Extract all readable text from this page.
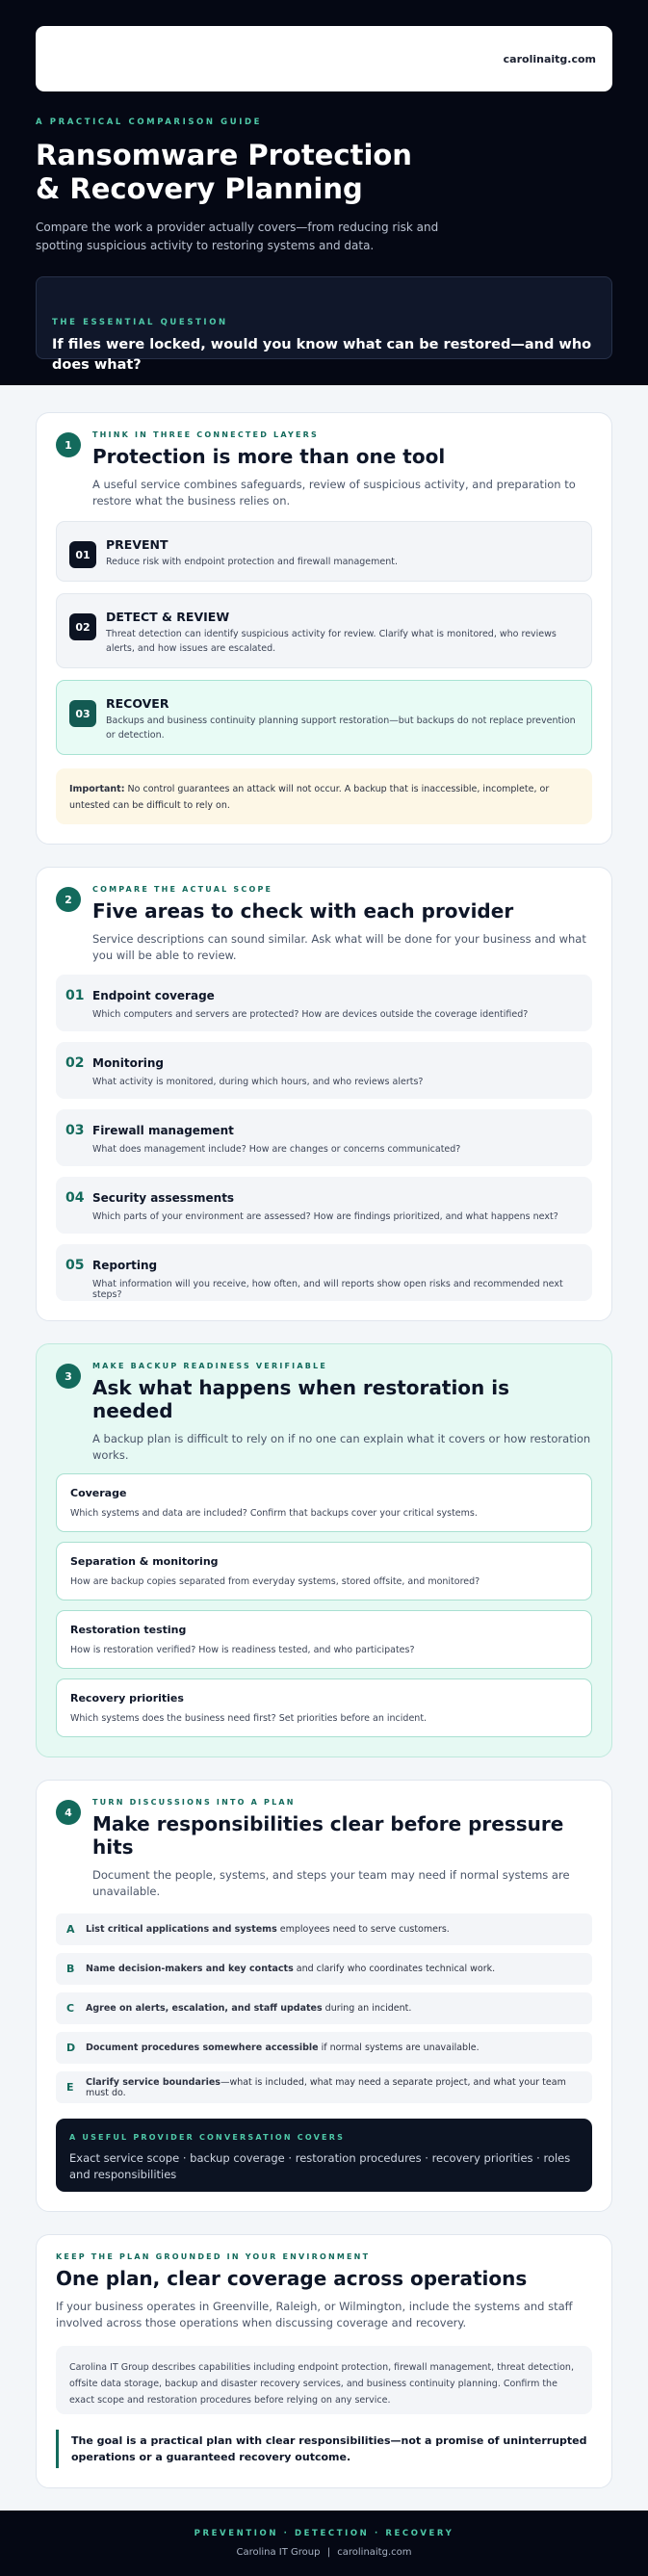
carolinaitg.com
A PRACTICAL COMPARISON GUIDE
Ransomware Protection
& Recovery Planning

Compare the work a provider actually covers—from reducing risk and spotting suspicious activity to restoring systems and data.

THE ESSENTIAL QUESTION
If files were locked, would you know what can be restored—and who does what?
1
THINK IN THREE CONNECTED LAYERS
Protection is more than one tool

A useful service combines safeguards, review of suspicious activity, and preparation to restore what the business relies on.

01
PREVENT
Reduce risk with endpoint protection and firewall management.
02
DETECT & REVIEW
Threat detection can identify suspicious activity for review. Clarify what is monitored, who reviews alerts, and how issues are escalated.
03
RECOVER
Backups and business continuity planning support restoration—but backups do not replace prevention or detection.
Important: No control guarantees an attack will not occur. A backup that is inaccessible, incomplete, or untested can be difficult to rely on.
2
COMPARE THE ACTUAL SCOPE
Five areas to check with each provider

Service descriptions can sound similar. Ask what will be done for your business and what you will be able to review.

01 Endpoint coverage
Which computers and servers are protected? How are devices outside the coverage identified?
02 Monitoring
What activity is monitored, during which hours, and who reviews alerts?
03 Firewall management
What does management include? How are changes or concerns communicated?
04 Security assessments
Which parts of your environment are assessed? How are findings prioritized, and what happens next?
05 Reporting
What information will you receive, how often, and will reports show open risks and recommended next steps?
3
MAKE BACKUP READINESS VERIFIABLE
Ask what happens when restoration is needed

A backup plan is difficult to rely on if no one can explain what it covers or how restoration works.

Coverage
Which systems and data are included? Confirm that backups cover your critical systems.
Separation & monitoring
How are backup copies separated from everyday systems, stored offsite, and monitored?
Restoration testing
How is restoration verified? How is readiness tested, and who participates?
Recovery priorities
Which systems does the business need first? Set priorities before an incident.
4
TURN DISCUSSIONS INTO A PLAN
Make responsibilities clear before pressure hits

Document the people, systems, and steps your team may need if normal systems are unavailable.

A	List critical applications and systems employees need to serve customers.
B	Name decision-makers and key contacts and clarify who coordinates technical work.
C	Agree on alerts, escalation, and staff updates during an incident.
D	Document procedures somewhere accessible if normal systems are unavailable.
E	Clarify service boundaries—what is included, what may need a separate project, and what your team must do.
A USEFUL PROVIDER CONVERSATION COVERS
Exact service scope · backup coverage · restoration procedures · recovery priorities · roles and responsibilities
KEEP THE PLAN GROUNDED IN YOUR ENVIRONMENT
One plan, clear coverage across operations

If your business operates in Greenville, Raleigh, or Wilmington, include the systems and staff involved across those operations when discussing coverage and recovery.

Carolina IT Group describes capabilities including endpoint protection, firewall management, threat detection, offsite data storage, backup and disaster recovery services, and business continuity planning. Confirm the exact scope and restoration procedures before relying on any service.
The goal is a practical plan with clear responsibilities—not a promise of uninterrupted operations or a guaranteed recovery outcome.
PREVENTION · DETECTION · RECOVERY
Carolina IT Group | carolinaitg.com
